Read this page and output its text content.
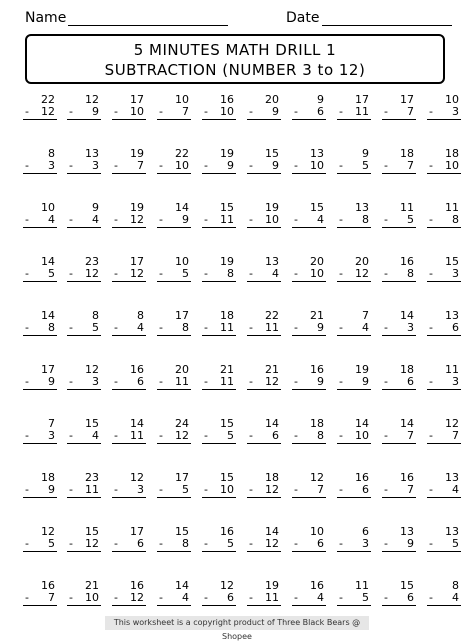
Name	Date
5 MINUTES MATH DRILL 1
SUBTRACTION (NUMBER 3 to 12)
22
- 12
12
- 9
17
- 10
10
- 7
16
- 10
20
- 9
9
- 6
17
- 11
17
- 7
10
- 3
8
- 3
13
- 3
19
- 7
22
- 10
19
- 9
15
- 9
13
- 10
9
- 5
18
- 7
18
- 10
10
- 4
9
- 4
19
- 12
14
- 9
15
- 11
19
- 10
15
- 4
13
- 8
11
- 5
11
- 8
14
- 5
23
- 12
17
- 12
10
- 5
19
- 8
13
- 4
20
- 10
20
- 12
16
- 8
15
- 3
14
- 8
8
- 5
8
- 4
17
- 8
18
- 11
22
- 11
21
- 9
7
- 4
14
- 3
13
- 6
17
- 9
12
- 3
16
- 6
20
- 11
21
- 11
21
- 12
16
- 9
19
- 9
18
- 6
11
- 3
7
- 3
15
- 4
14
- 11
24
- 12
15
- 5
14
- 6
18
- 8
14
- 10
14
- 7
12
- 7
18
- 9
23
- 11
12
- 3
17
- 5
15
- 10
18
- 12
12
- 7
16
- 6
16
- 7
13
- 4
12
- 5
15
- 12
17
- 6
15
- 8
16
- 5
14
- 12
10
- 6
6
- 3
13
- 9
13
- 5
16
- 7
21
- 10
16
- 12
14
- 4
12
- 6
19
- 11
16
- 4
11
- 5
15
- 6
8
- 4
This worksheet is a copyright product of Three Black Bears @ Shopee
